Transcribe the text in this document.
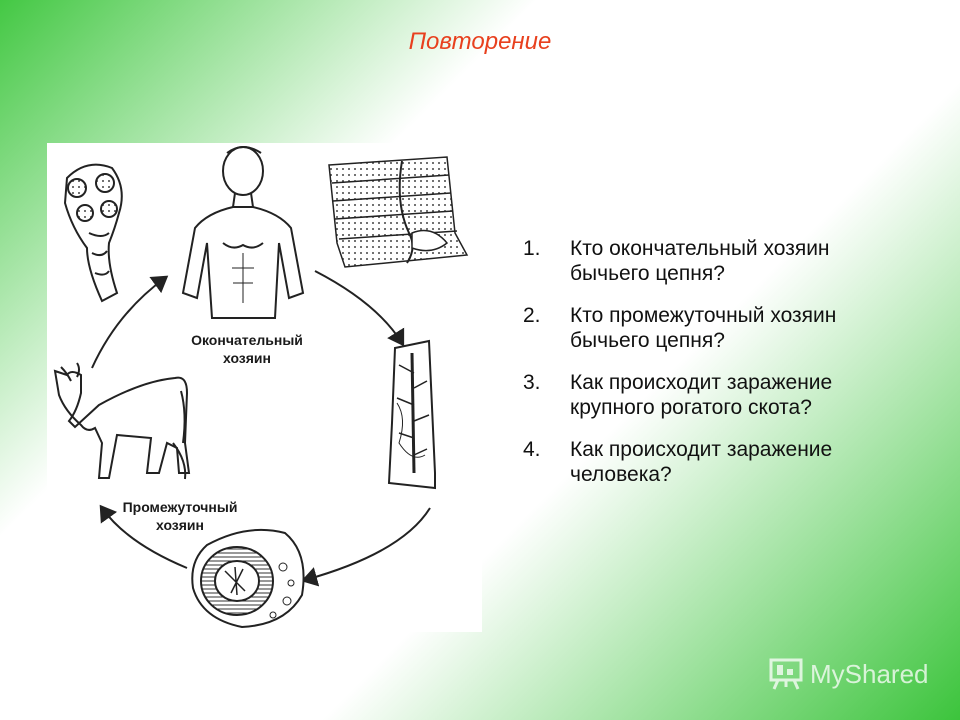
Повторение
Окончательный
хозяин
Промежуточный
хозяин
1. Кто окончательный хозяин
бычьего цепня?
2. Кто промежуточный хозяин
бычьего цепня?
3. Как происходит заражение
крупного рогатого скота?
4. Как происходит заражение
человека?
MyShared
